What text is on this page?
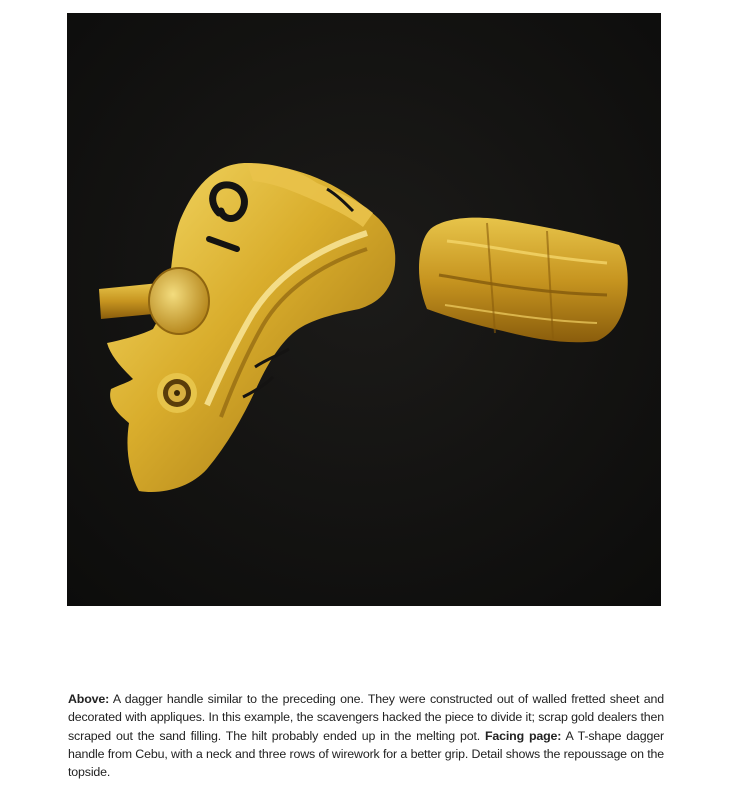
Above: A dagger handle similar to the preceding one. They were constructed out of walled fretted sheet and decorated with appliques. In this example, the scavengers hacked the piece to divide it; scrap gold dealers then scraped out the sand filling. The hilt probably ended up in the melting pot. Facing page: A T-shape dagger handle from Cebu, with a neck and three rows of wirework for a better grip. Detail shows the repoussage on the topside.
